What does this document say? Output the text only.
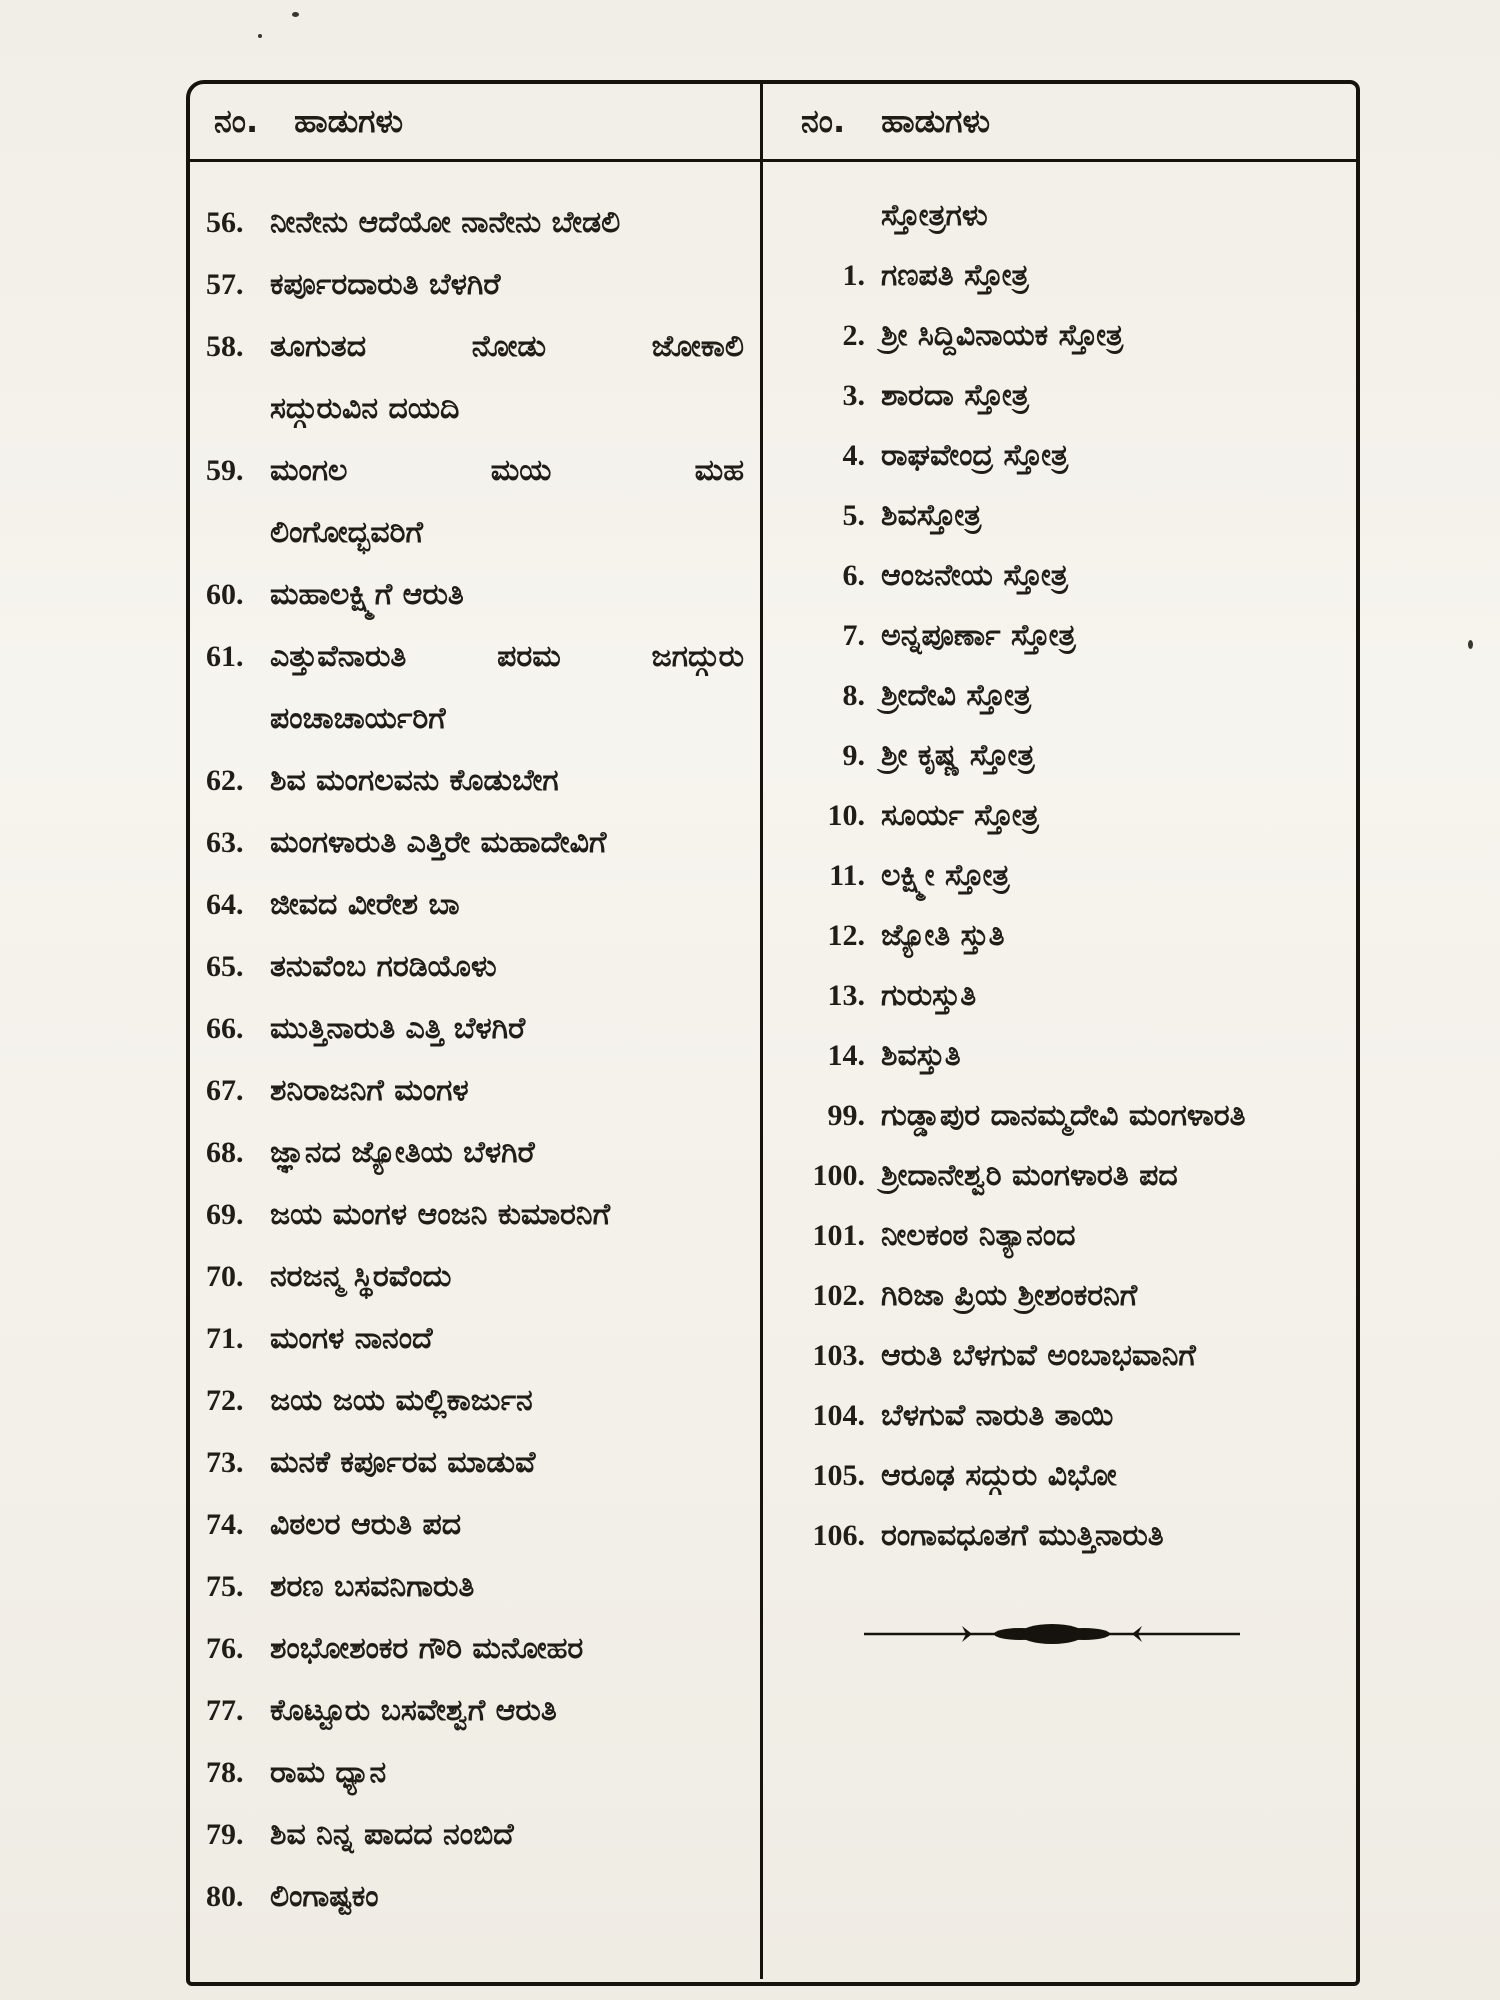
ನಂ. ಹಾಡುಗಳು	ನಂ. ಹಾಡುಗಳು
56. ನೀನೇನು ಆದೆಯೋ ನಾನೇನು ಬೇಡಲಿ
57. ಕರ್ಪೂರದಾರುತಿ ಬೆಳಗಿರೆ
58. ತೂಗುತದ ನೋಡು ಜೋಕಾಲಿ
ಸದ್ಗುರುವಿನ ದಯದಿ
59. ಮಂಗಲ ಮಯ ಮಹ
ಲಿಂಗೋದ್ಭವರಿಗೆ
60. ಮಹಾಲಕ್ಷ್ಮಿಗೆ ಆರುತಿ
61. ಎತ್ತುವೆನಾರುತಿ ಪರಮ ಜಗದ್ಗುರು
ಪಂಚಾಚಾರ್ಯರಿಗೆ
62. ಶಿವ ಮಂಗಲವನು ಕೊಡುಬೇಗ
63. ಮಂಗಳಾರುತಿ ಎತ್ತಿರೇ ಮಹಾದೇವಿಗೆ
64. ಜೀವದ ವೀರೇಶ ಬಾ
65. ತನುವೆಂಬ ಗರಡಿಯೊಳು
66. ಮುತ್ತಿನಾರುತಿ ಎತ್ತಿ ಬೆಳಗಿರೆ
67. ಶನಿರಾಜನಿಗೆ ಮಂಗಳ
68. ಜ್ಞಾನದ ಜ್ಯೋತಿಯ ಬೆಳಗಿರೆ
69. ಜಯ ಮಂಗಳ ಆಂಜನಿ ಕುಮಾರನಿಗೆ
70. ನರಜನ್ಮ ಸ್ಥಿರವೆಂದು
71. ಮಂಗಳ ನಾನಂದೆ
72. ಜಯ ಜಯ ಮಲ್ಲಿಕಾರ್ಜುನ
73. ಮನಕೆ ಕರ್ಪೂರವ ಮಾಡುವೆ
74. ವಿಠಲರ ಆರುತಿ ಪದ
75. ಶರಣ ಬಸವನಿಗಾರುತಿ
76. ಶಂಭೋಶಂಕರ ಗೌರಿ ಮನೋಹರ
77. ಕೊಟ್ಟೂರು ಬಸವೇಶ್ವಗೆ ಆರುತಿ
78. ರಾಮ ಧ್ಯಾನ
79. ಶಿವ ನಿನ್ನ ಪಾದದ ನಂಬಿದೆ
80. ಲಿಂಗಾಷ್ಟಕಂ
ಸ್ತೋತ್ರಗಳು
1. ಗಣಪತಿ ಸ್ತೋತ್ರ
2. ಶ್ರೀ ಸಿದ್ದಿವಿನಾಯಕ ಸ್ತೋತ್ರ
3. ಶಾರದಾ ಸ್ತೋತ್ರ
4. ರಾಘವೇಂದ್ರ ಸ್ತೋತ್ರ
5. ಶಿವಸ್ತೋತ್ರ
6. ಆಂಜನೇಯ ಸ್ತೋತ್ರ
7. ಅನ್ನಪೂರ್ಣಾ ಸ್ತೋತ್ರ
8. ಶ್ರೀದೇವಿ ಸ್ತೋತ್ರ
9. ಶ್ರೀ ಕೃಷ್ಣ ಸ್ತೋತ್ರ
10. ಸೂರ್ಯ ಸ್ತೋತ್ರ
11. ಲಕ್ಷ್ಮೀ ಸ್ತೋತ್ರ
12. ಜ್ಯೋತಿ ಸ್ತುತಿ
13. ಗುರುಸ್ತುತಿ
14. ಶಿವಸ್ತುತಿ
99. ಗುಡ್ಡಾಪುರ ದಾನಮ್ಮದೇವಿ ಮಂಗಳಾರತಿ
100. ಶ್ರೀದಾನೇಶ್ವರಿ ಮಂಗಳಾರತಿ ಪದ
101. ನೀಲಕಂಠ ನಿತ್ಯಾನಂದ
102. ಗಿರಿಜಾ ಪ್ರಿಯ ಶ್ರೀಶಂಕರನಿಗೆ
103. ಆರುತಿ ಬೆಳಗುವೆ ಅಂಬಾಭವಾನಿಗೆ
104. ಬೆಳಗುವೆ ನಾರುತಿ ತಾಯಿ
105. ಆರೂಢ ಸದ್ಗುರು ವಿಭೋ
106. ರಂಗಾವಧೂತಗೆ ಮುತ್ತಿನಾರುತಿ
